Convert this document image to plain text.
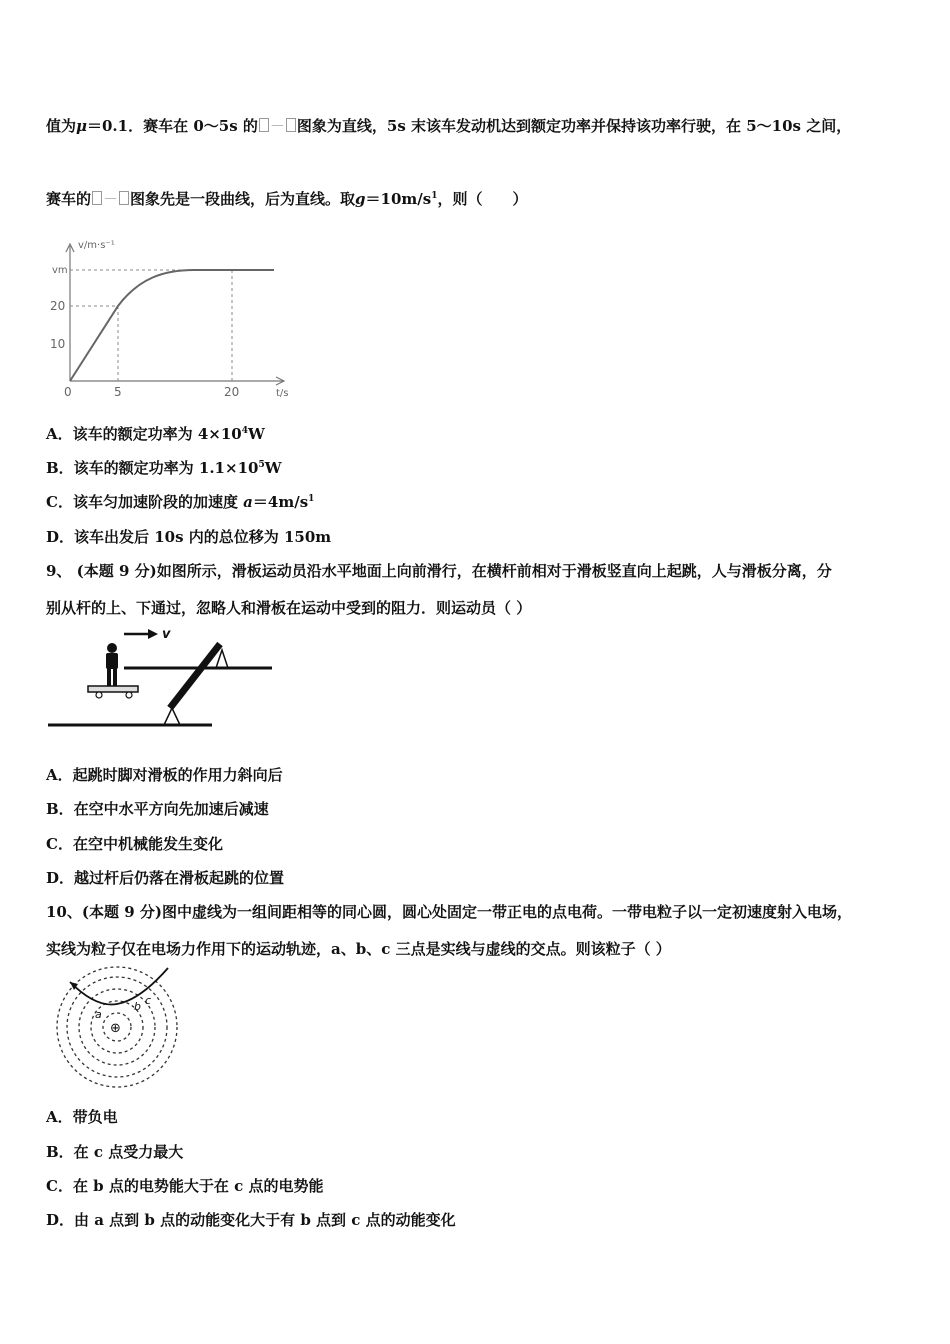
值为μ＝0.1．赛车在 0～5s 的 － 图象为直线，5s 末该车发动机达到额定功率并保持该功率行驶，在 5～10s 之间，
赛车的 － 图象先是一段曲线，后为直线。取$g=10m/s^1$，则（　　）
v/m·s⁻¹
t/s
vm
20
10
0	5	20
A．该车的额定功率为 $4\times 10^4W$
B．该车的额定功率为 $1.1\times 10^5W$
C．该车匀加速阶段的加速度 $a=4m/s^1$
D．该车出发后 10s 内的总位移为 150m
9、 (本题 9 分)如图所示，滑板运动员沿水平地面上向前滑行，在横杆前相对于滑板竖直向上起跳，人与滑板分离，分
别从杆的上、下通过，忽略人和滑板在运动中受到的阻力．则运动员（ ）
v
A．起跳时脚对滑板的作用力斜向后
B．在空中水平方向先加速后减速
C．在空中机械能发生变化
D．越过杆后仍落在滑板起跳的位置
10、(本题 9 分)图中虚线为一组间距相等的同心圆，圆心处固定一带正电的点电荷。一带电粒子以一定初速度射入电场，
实线为粒子仅在电场力作用下的运动轨迹，a、b、c 三点是实线与虚线的交点。则该粒子（ ）
a
b c
⊕
A．带负电
B．在 c 点受力最大
C．在 b 点的电势能大于在 c 点的电势能
D．由 a 点到 b 点的动能变化大于有 b 点到 c 点的动能变化
